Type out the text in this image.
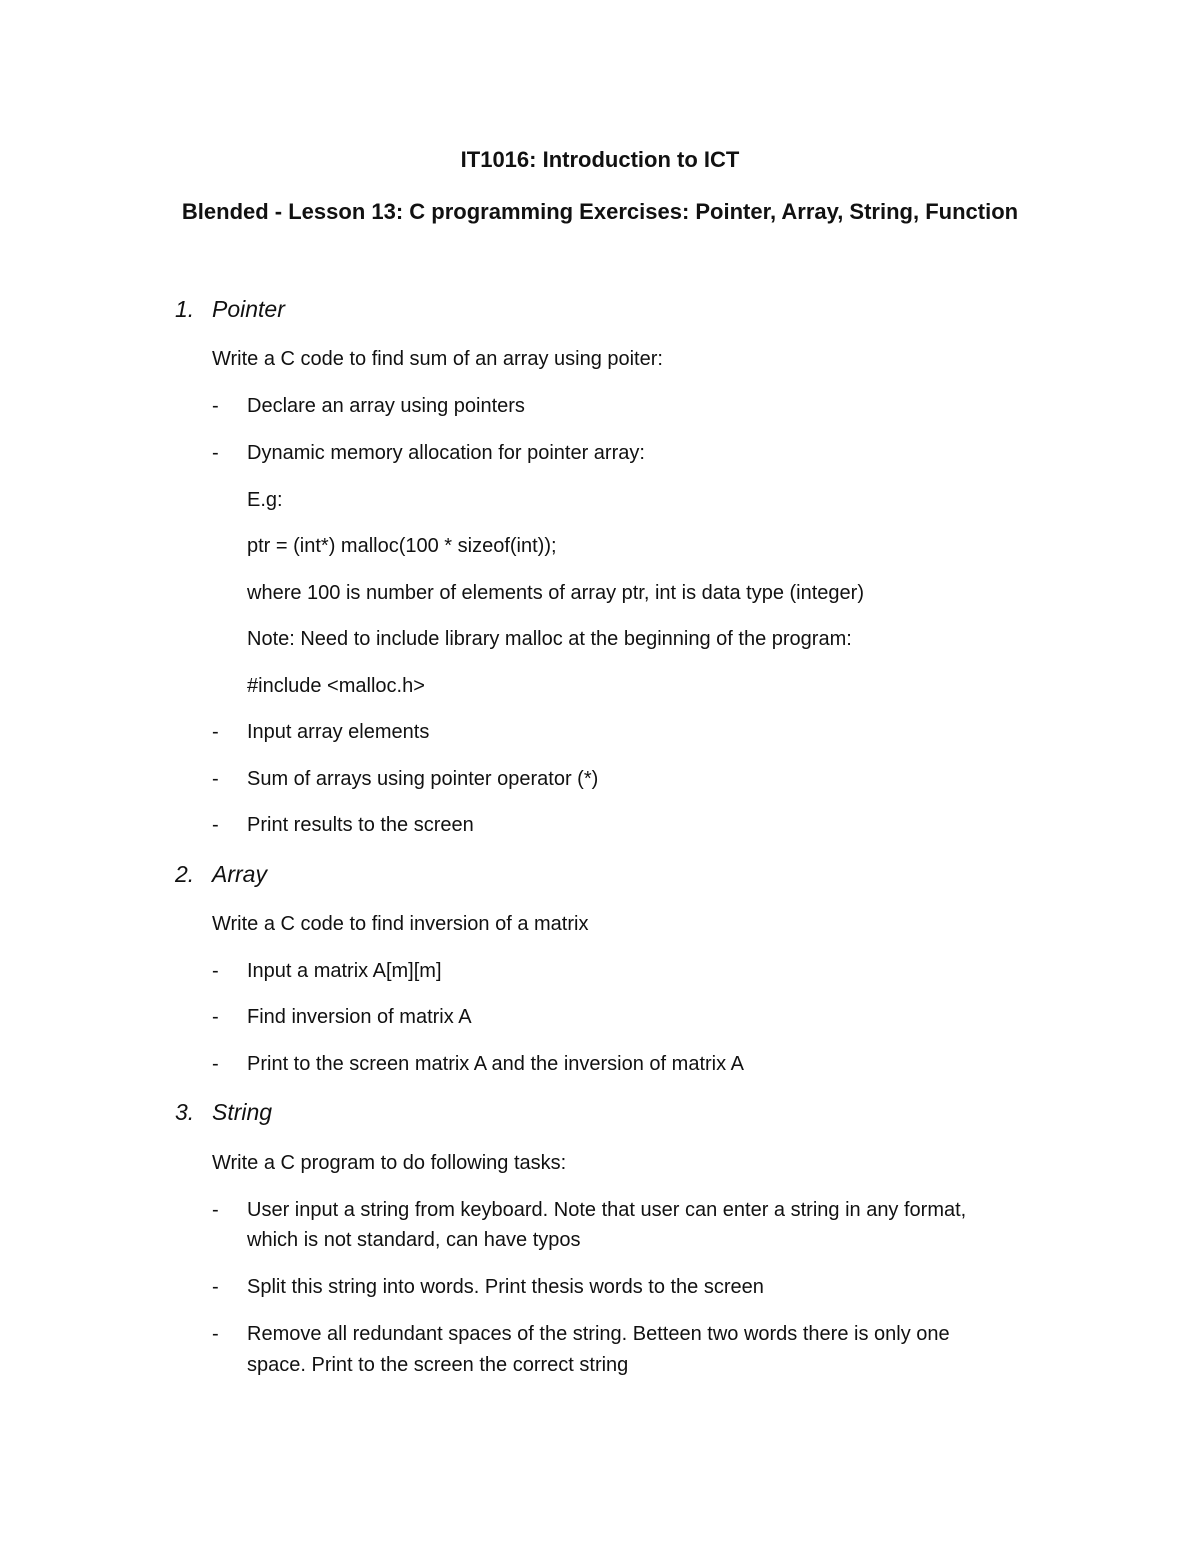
IT1016: Introduction to ICT
Blended - Lesson 13: C programming Exercises: Pointer, Array, String, Function
1. Pointer
Write a C code to find sum of an array using poiter:
- Declare an array using pointers
- Dynamic memory allocation for pointer array:
E.g:
ptr = (int*) malloc(100 * sizeof(int));
where 100 is number of elements of array ptr, int is data type (integer)
Note: Need to include library malloc at the beginning of the program:
#include <malloc.h>
- Input array elements
- Sum of arrays using pointer operator (*)
- Print results to the screen
2. Array
Write a C code to find inversion of a matrix
- Input a matrix A[m][m]
- Find inversion of matrix A
- Print to the screen matrix A and the inversion of matrix A
3. String
Write a C program to do following tasks:
- User input a string from keyboard. Note that user can enter a string in any format,
which is not standard, can have typos
- Split this string into words. Print thesis words to the screen
- Remove all redundant spaces of the string. Betteen two words there is only one
space. Print to the screen the correct string
